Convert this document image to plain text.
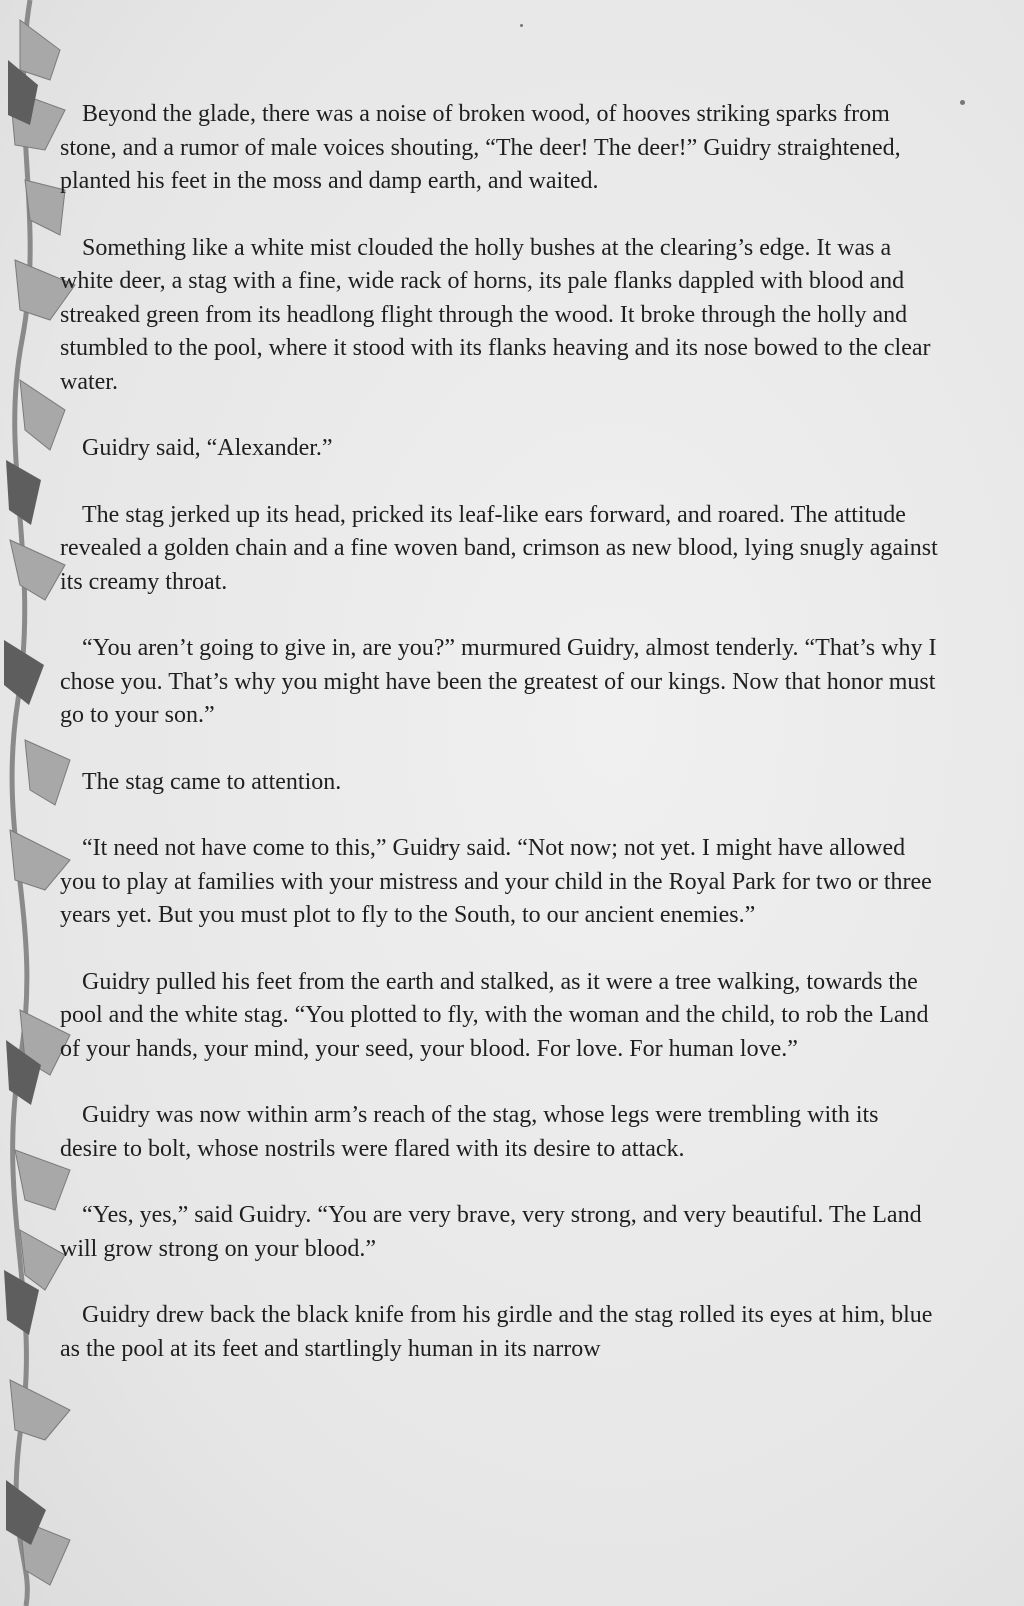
Beyond the glade, there was a noise of broken wood, of hooves striking sparks from stone, and a rumor of male voices shouting, “The deer! The deer!” Guidry straightened, planted his feet in the moss and damp earth, and waited.

Something like a white mist clouded the holly bushes at the clearing’s edge. It was a white deer, a stag with a fine, wide rack of horns, its pale flanks dappled with blood and streaked green from its headlong flight through the wood. It broke through the holly and stumbled to the pool, where it stood with its flanks heaving and its nose bowed to the clear water.

Guidry said, “Alexander.”

The stag jerked up its head, pricked its leaf-like ears forward, and roared. The attitude revealed a golden chain and a fine woven band, crimson as new blood, lying snugly against its creamy throat.

“You aren’t going to give in, are you?” murmured Guidry, almost tenderly. “That’s why I chose you. That’s why you might have been the greatest of our kings. Now that honor must go to your son.”

The stag came to attention.

“It need not have come to this,” Guidry said. “Not now; not yet. I might have allowed you to play at families with your mistress and your child in the Royal Park for two or three years yet. But you must plot to fly to the South, to our ancient enemies.”

Guidry pulled his feet from the earth and stalked, as it were a tree walking, towards the pool and the white stag. “You plotted to fly, with the woman and the child, to rob the Land of your hands, your mind, your seed, your blood. For love. For human love.”

Guidry was now within arm’s reach of the stag, whose legs were trembling with its desire to bolt, whose nostrils were flared with its desire to attack.

“Yes, yes,” said Guidry. “You are very brave, very strong, and very beautiful. The Land will grow strong on your blood.”

Guidry drew back the black knife from his girdle and the stag rolled its eyes at him, blue as the pool at its feet and startlingly human in its narrow
